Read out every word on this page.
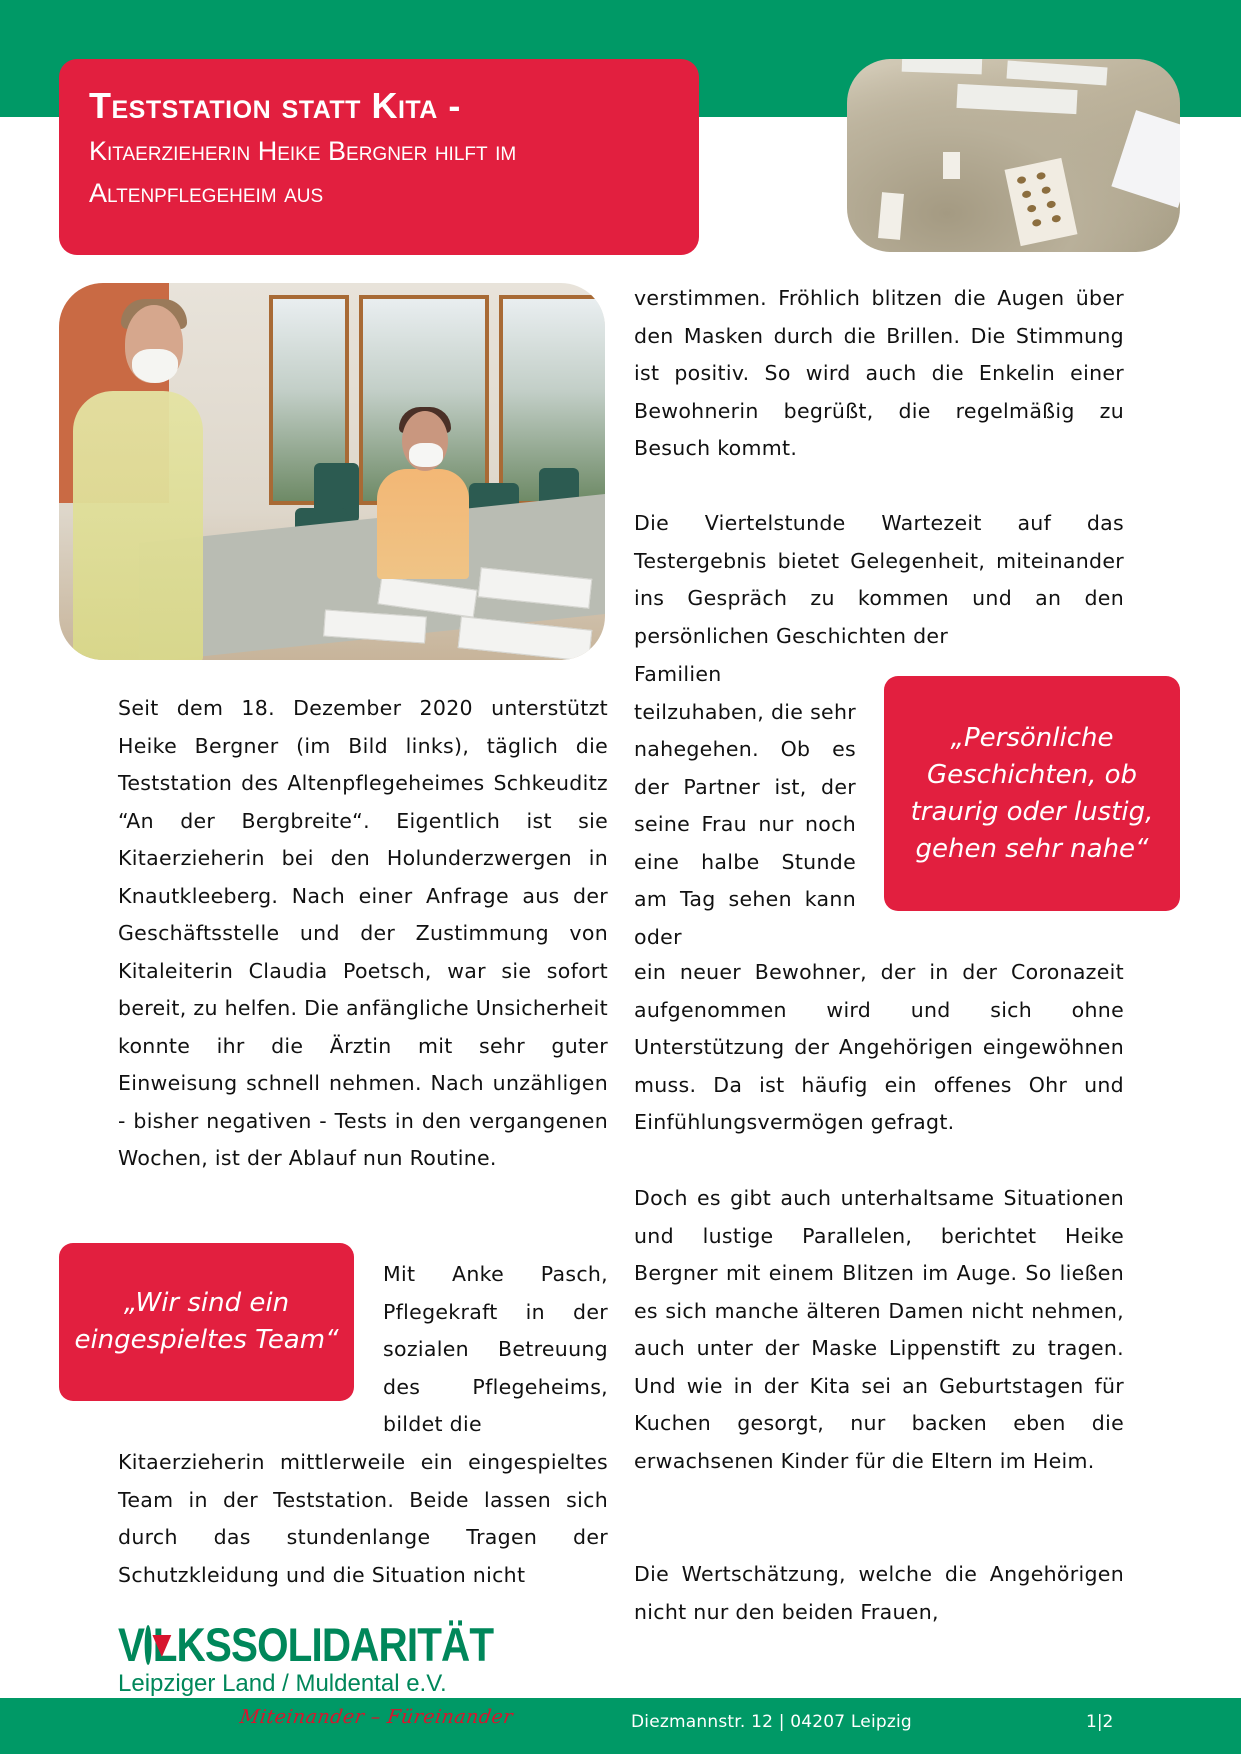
Teststation statt Kita -
Kitaerzieherin Heike Bergner hilft im
Altenpflegeheim aus

Seit dem 18. Dezember 2020 unterstützt Heike Bergner (im Bild links), täglich die Teststation des Altenpflegeheimes Schkeuditz “An der Bergbreite“. Eigentlich ist sie Kitaerzieherin bei den Holunderzwergen in Knautkleeberg. Nach einer Anfrage aus der Geschäftsstelle und der Zustimmung von Kitaleiterin Claudia Poetsch, war sie sofort bereit, zu helfen. Die anfängliche Unsicherheit konnte ihr die Ärztin mit sehr guter Einweisung schnell nehmen. Nach unzähligen - bisher negativen - Tests in den vergangenen Wochen, ist der Ablauf nun Routine.

„Wir sind ein eingespieltes Team“

Mit Anke Pasch, Pflegekraft in der sozialen Betreuung des Pflegeheims, bildet die

Kitaerzieherin mittlerweile ein eingespieltes Team in der Teststation. Beide lassen sich durch das stundenlange Tragen der Schutzkleidung und die Situation nicht

verstimmen. Fröhlich blitzen die Augen über den Masken durch die Brillen. Die Stimmung ist positiv. So wird auch die Enkelin einer Bewohnerin begrüßt, die regelmäßig zu Besuch kommt.

Die Viertelstunde Wartezeit auf das Testergebnis bietet Gelegenheit, miteinander ins Gespräch zu kommen und an den persönlichen Geschichten der

Familien teilzuhaben, die sehr nahegehen. Ob es der Partner ist, der seine Frau nur noch eine halbe Stunde am Tag sehen kann oder

„Persönliche Geschichten, ob traurig oder lustig, gehen sehr nahe“

ein neuer Bewohner, der in der Coronazeit aufgenommen wird und sich ohne Unterstützung der Angehörigen eingewöhnen muss. Da ist häufig ein offenes Ohr und Einfühlungsvermögen gefragt.

Doch es gibt auch unterhaltsame Situationen und lustige Parallelen, berichtet Heike Bergner mit einem Blitzen im Auge. So ließen es sich manche älteren Damen nicht nehmen, auch unter der Maske Lippenstift zu tragen. Und wie in der Kita sei an Geburtstagen für Kuchen gesorgt, nur backen eben die erwachsenen Kinder für die Eltern im Heim.

Die Wertschätzung, welche die Angehörigen nicht nur den beiden Frauen,

V LKSSOLIDARITÄT
Leipziger Land / Muldental e.V.
Miteinander – Füreinander	Diezmannstr. 12 | 04207 Leipzig	1|2
